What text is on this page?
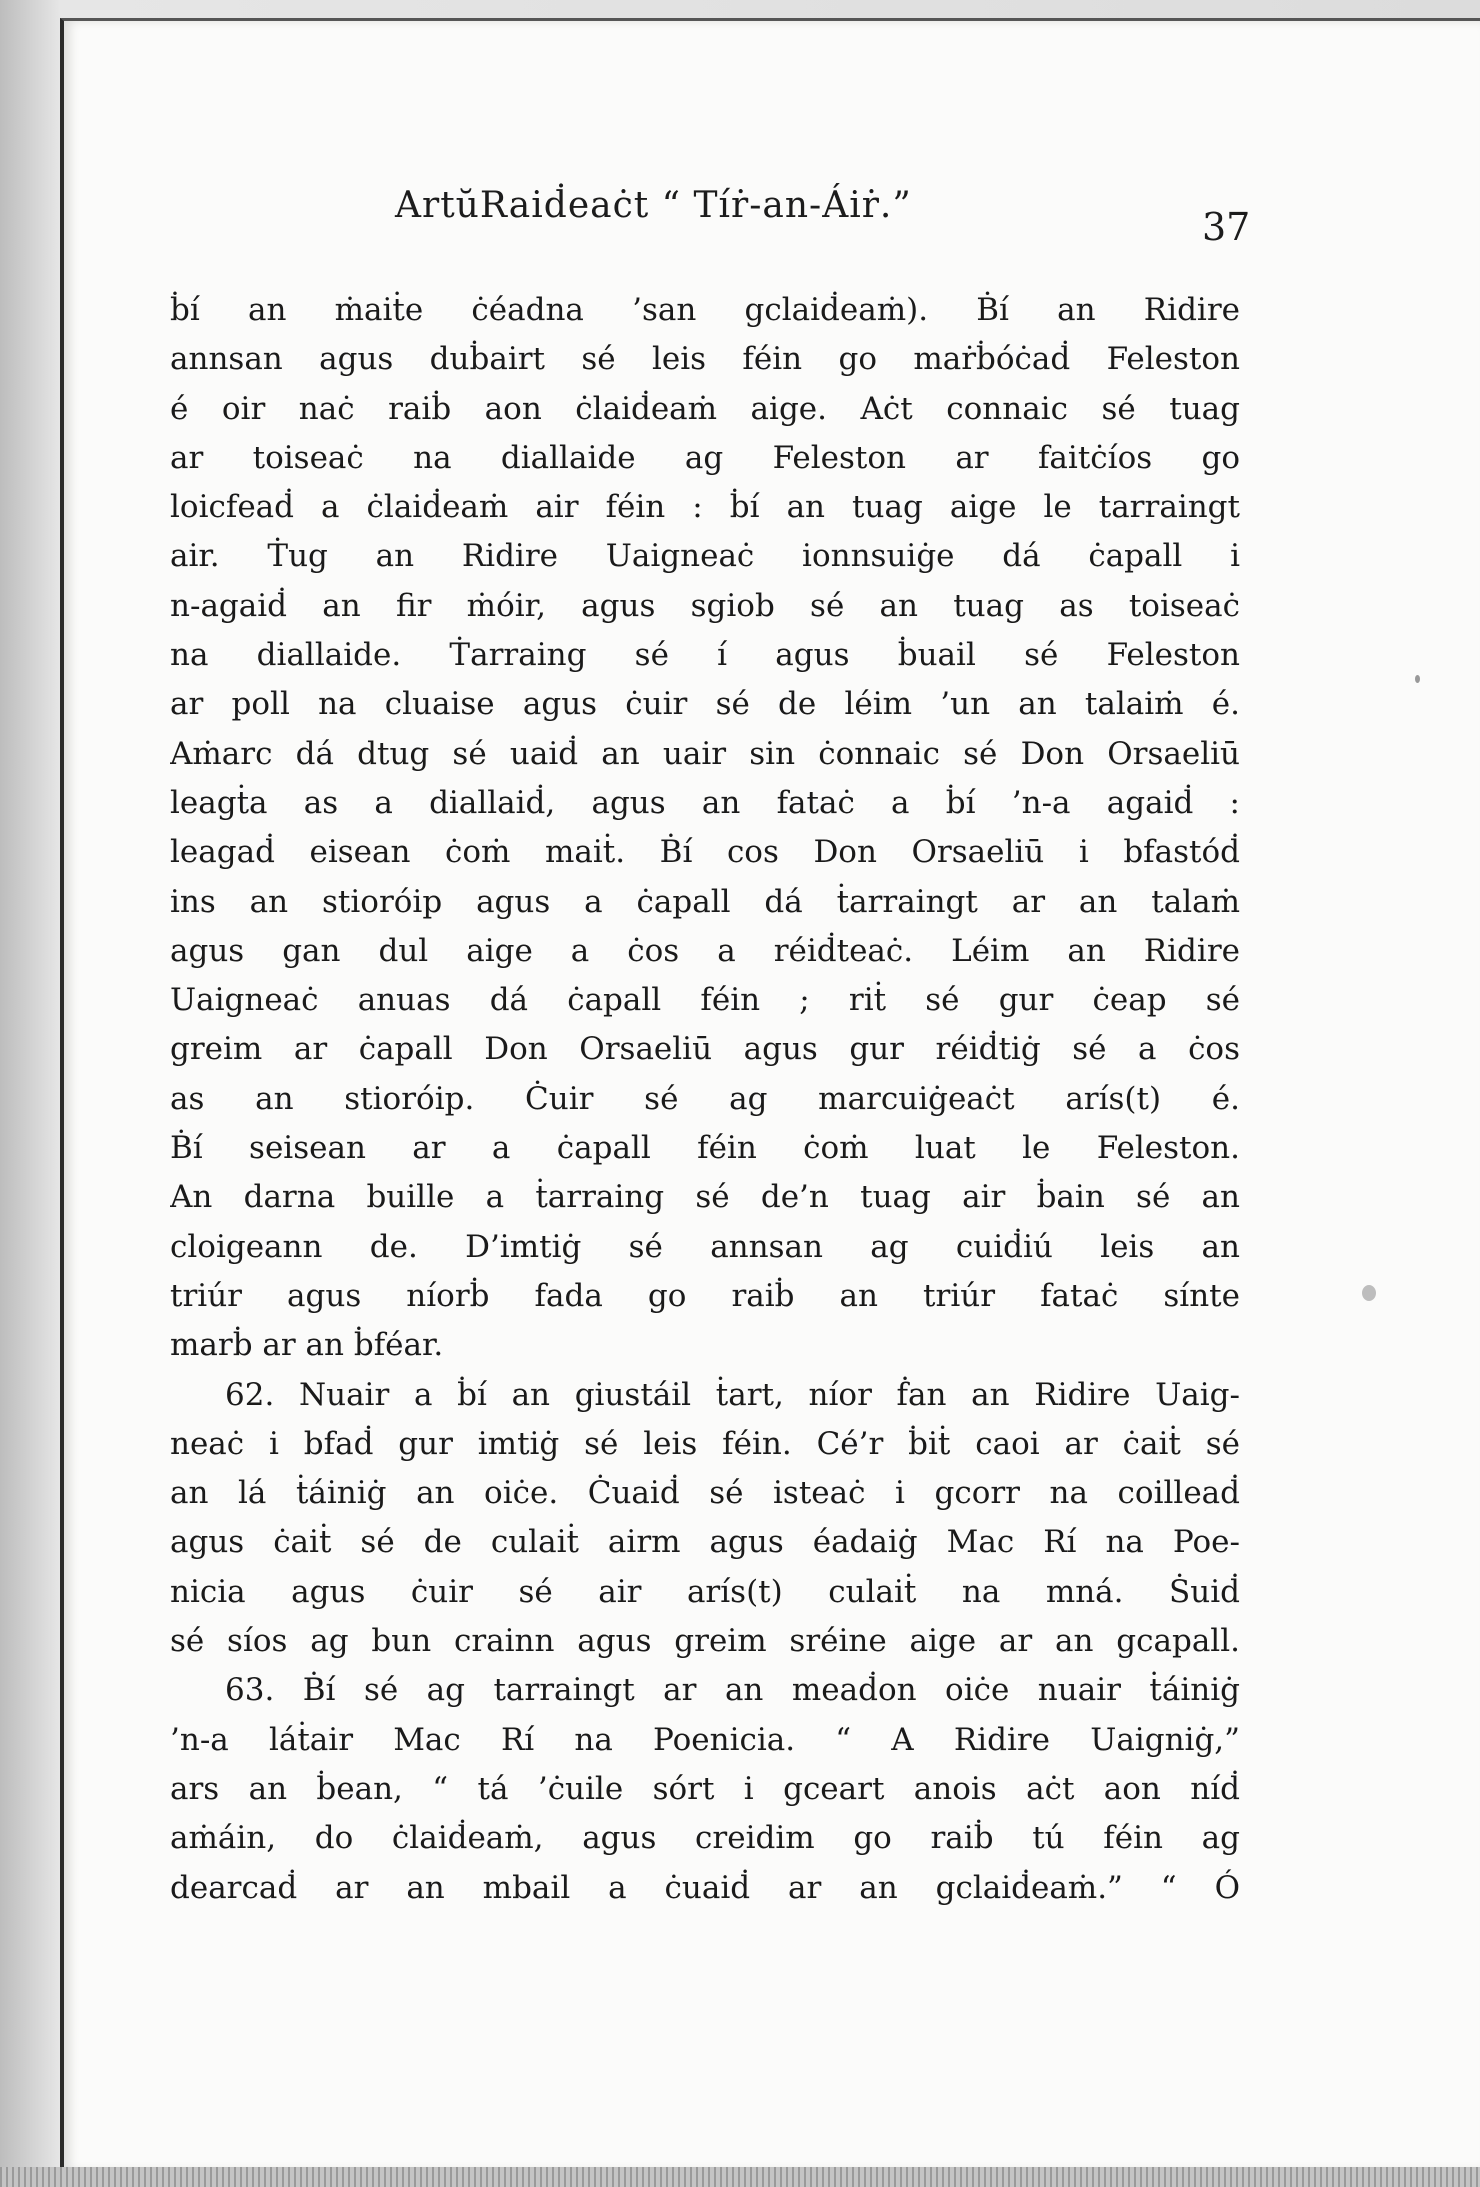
ArtŭRaiḋeaċt “ Tíṙ-an-Áiṙ.”	37
ḃí an ṁaiṫe ċéadna ’san gclaiḋeaṁ). Ḃí an Ridire
annsan agus duḃairt sé leis féin go maṙḃóċaḋ Feleston
é oir naċ raiḃ aon ċlaiḋeaṁ aige. Aċt connaic sé tuag
ar toiseaċ na diallaide ag Feleston ar faitċíos go
loicfeaḋ a ċlaiḋeaṁ air féin : ḃí an tuag aige le tarraingt
air. Ṫug an Ridire Uaigneaċ ionnsuiġe dá ċapall i
n-agaiḋ an fir ṁóir, agus sgiob sé an tuag as toiseaċ
na diallaide. Ṫarraing sé í agus ḃuail sé Feleston
ar poll na cluaise agus ċuir sé de léim ’un an talaiṁ é.
Aṁarc dá dtug sé uaiḋ an uair sin ċonnaic sé Don Orsaeliū
leagṫa as a diallaiḋ, agus an fataċ a ḃí ’n-a agaiḋ :
leagaḋ eisean ċoṁ maiṫ. Ḃí cos Don Orsaeliū i bfastóḋ
ins an stioróip agus a ċapall dá ṫarraingt ar an talaṁ
agus gan dul aige a ċos a réiḋteaċ. Léim an Ridire
Uaigneaċ anuas dá ċapall féin ; riṫ sé gur ċeap sé
greim ar ċapall Don Orsaeliū agus gur réiḋtiġ sé a ċos
as an stioróip. Ċuir sé ag marcuiġeaċt arís(t) é.
Ḃí seisean ar a ċapall féin ċoṁ luat le Feleston.
An darna buille a ṫarraing sé de’n tuag air ḃain sé an
cloigeann de. D’imtiġ sé annsan ag cuiḋiú leis an
triúr agus níorḃ fada go raiḃ an triúr fataċ sínte
marḃ ar an ḃféar.
62. Nuair a ḃí an giustáil ṫart, níor ḟan an Ridire Uaig-
neaċ i bfaḋ gur imtiġ sé leis féin. Cé’r ḃiṫ caoi ar ċaiṫ sé
an lá ṫáiniġ an oiċe. Ċuaiḋ sé isteaċ i gcorr na coilleaḋ
agus ċaiṫ sé de culaiṫ airm agus éadaiġ Mac Rí na Poe-
nicia agus ċuir sé air arís(t) culaiṫ na mná. Ṡuiḋ
sé síos ag bun crainn agus greim sréine aige ar an gcapall.
63. Ḃí sé ag tarraingt ar an meaḋon oiċe nuair ṫáiniġ
’n-a láṫair Mac Rí na Poenicia. “ A Ridire Uaigniġ,”
ars an ḃean, “ tá ’ċuile sórt i gceart anois aċt aon níḋ
aṁáin, do ċlaiḋeaṁ, agus creidim go raiḃ tú féin ag
dearcaḋ ar an mbail a ċuaiḋ ar an gclaiḋeaṁ.” “ Ó
